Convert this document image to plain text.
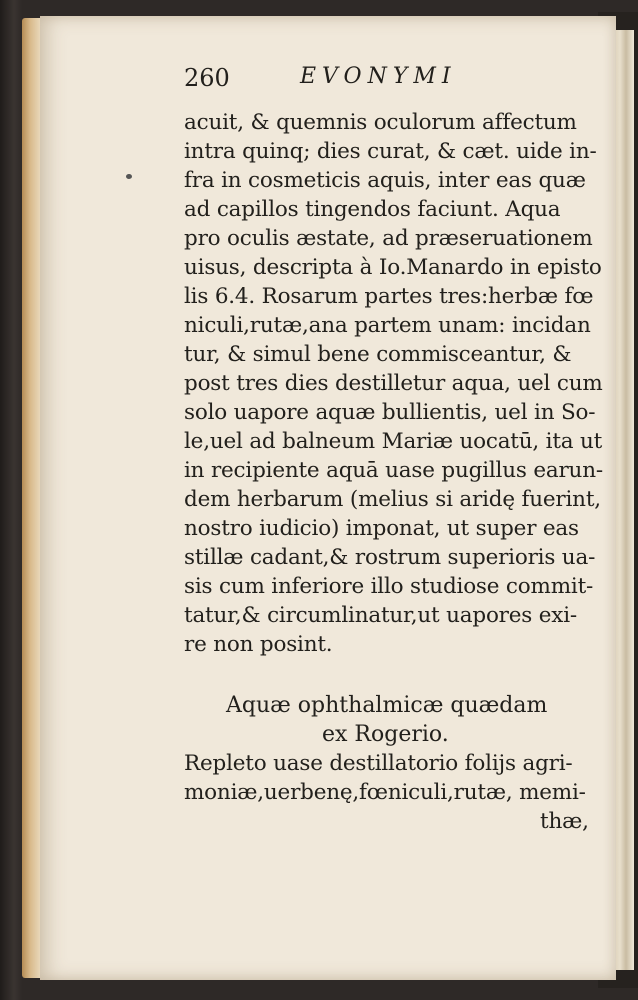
260	EVONYMI
acuit, & quemnis oculorum affectum
intra quinq; dies curat, & cæt. uide in-
fra in cosmeticis aquis, inter eas quæ
ad capillos tingendos faciunt. Aqua
pro oculis æstate, ad præseruationem
uisus, descripta à Io.Manardo in episto
lis 6.4. Rosarum partes tres:herbæ fœ
niculi,rutæ,ana partem unam: incidan
tur, & simul bene commisceantur, &
post tres dies destilletur aqua, uel cum
solo uapore aquæ bullientis, uel in So-
le,uel ad balneum Mariæ uocatū, ita ut
in recipiente aquā uase pugillus earun-
dem herbarum (melius si aridę fuerint,
nostro iudicio) imponat, ut super eas
stillæ cadant,& rostrum superioris ua-
sis cum inferiore illo studiose commit-
tatur,& circumlinatur,ut uapores exi-
re non posint.
Aquæ ophthalmicæ quædam
ex Rogerio.
Repleto uase destillatorio folijs agri-
moniæ,uerbenę,fœniculi,rutæ, memi-
thæ,
